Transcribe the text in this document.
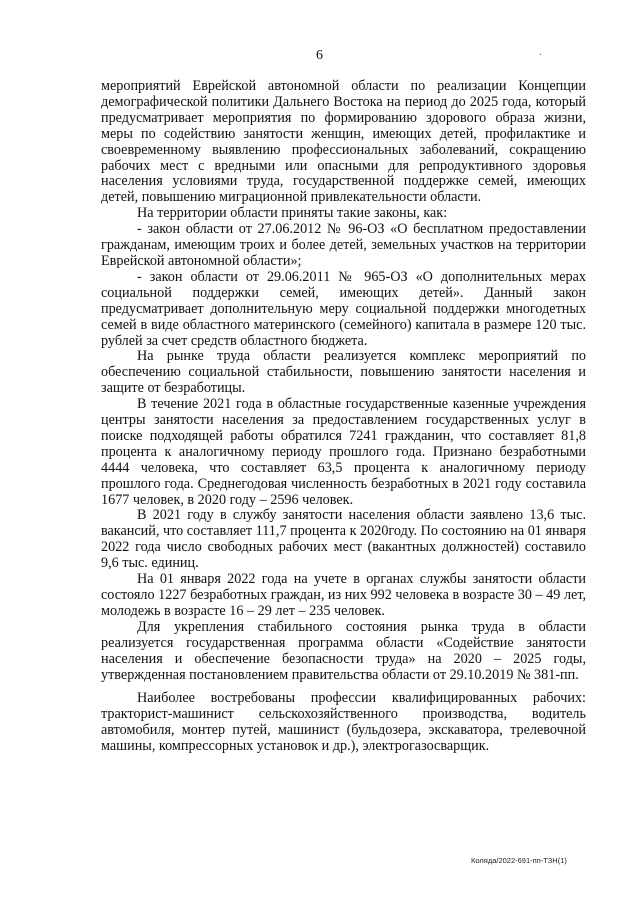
6	·

мероприятий Еврейской автономной области по реализации Концепции демографической политики Дальнего Востока на период до 2025 года, который предусматривает мероприятия по формированию здорового образа жизни, меры по содействию занятости женщин, имеющих детей, профилактике и своевременному выявлению профессиональных заболеваний, сокращению рабочих мест с вредными или опасными для репродуктивного здоровья населения условиями труда, государственной поддержке семей, имеющих детей, повышению миграционной привлекательности области.

На территории области приняты такие законы, как:

- закон области от 27.06.2012 № 96-ОЗ «О бесплатном предоставлении гражданам, имеющим троих и более детей, земельных участков на территории Еврейской автономной области»;

- закон области от 29.06.2011 № 965-ОЗ «О дополнительных мерах социальной поддержки семей, имеющих детей». Данный закон предусматривает дополнительную меру социальной поддержки многодетных семей в виде областного материнского (семейного) капитала в размере 120 тыс. рублей за счет средств областного бюджета.

На рынке труда области реализуется комплекс мероприятий по обеспечению социальной стабильности, повышению занятости населения и защите от безработицы.

В течение 2021 года в областные государственные казенные учреждения центры занятости населения за предоставлением государственных услуг в поиске подходящей работы обратился 7241 гражданин, что составляет 81,8 процента к аналогичному периоду прошлого года. Признано безработными 4444 человека, что составляет 63,5 процента к аналогичному периоду прошлого года. Среднегодовая численность безработных в 2021 году составила 1677 человек, в 2020 году – 2596 человек.

В 2021 году в службу занятости населения области заявлено 13,6 тыс. вакансий, что составляет 111,7 процента к 2020году. По состоянию на 01 января 2022 года число свободных рабочих мест (вакантных должностей) составило 9,6 тыс. единиц.

На 01 января 2022 года на учете в органах службы занятости области состояло 1227 безработных граждан, из них 992 человека в возрасте 30 – 49 лет, молодежь в возрасте 16 – 29 лет – 235 человек.

Для укрепления стабильного состояния рынка труда в области реализуется государственная программа области «Содействие занятости населения и обеспечение безопасности труда» на 2020 – 2025 годы, утвержденная постановлением правительства области от 29.10.2019 № 381-пп.

Наиболее востребованы профессии квалифицированных рабочих: тракторист-машинист сельскохозяйственного производства, водитель автомобиля, монтер путей, машинист (бульдозера, экскаватора, трелевочной машины, компрессорных установок и др.), электрогазосварщик.

Коляда/2022-691-пп-ТЗН(1)
